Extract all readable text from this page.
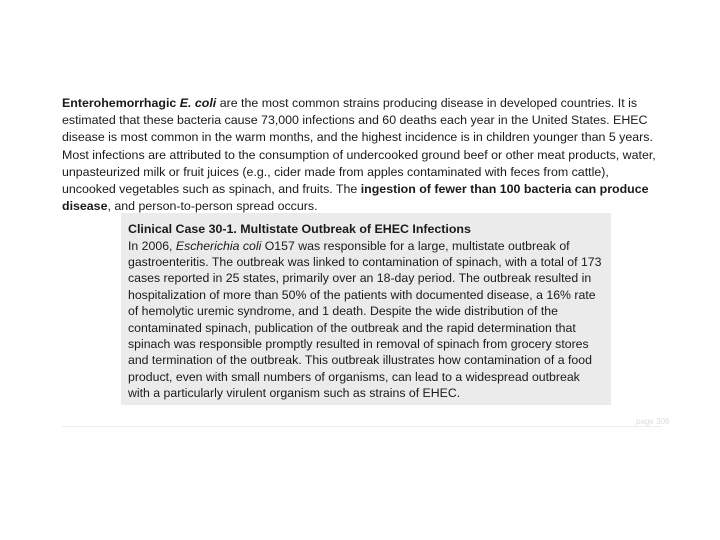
Enterohemorrhagic E. coli are the most common strains producing disease in developed countries. It is estimated that these bacteria cause 73,000 infections and 60 deaths each year in the United States. EHEC disease is most common in the warm months, and the highest incidence is in children younger than 5 years. Most infections are attributed to the consumption of undercooked ground beef or other meat products, water, unpasteurized milk or fruit juices (e.g., cider made from apples contaminated with feces from cattle), uncooked vegetables such as spinach, and fruits. The ingestion of fewer than 100 bacteria can produce disease, and person-to-person spread occurs.

Clinical Case 30-1. Multistate Outbreak of EHEC Infections

In 2006, Escherichia coli O157 was responsible for a large, multistate outbreak of gastroenteritis. The outbreak was linked to contamination of spinach, with a total of 173 cases reported in 25 states, primarily over an 18-day period. The outbreak resulted in hospitalization of more than 50% of the patients with documented disease, a 16% rate of hemolytic uremic syndrome, and 1 death. Despite the wide distribution of the contaminated spinach, publication of the outbreak and the rapid determination that spinach was responsible promptly resulted in removal of spinach from grocery stores and termination of the outbreak. This outbreak illustrates how contamination of a food product, even with small numbers of organisms, can lead to a widespread outbreak with a particularly virulent organism such as strains of EHEC.

page 306
